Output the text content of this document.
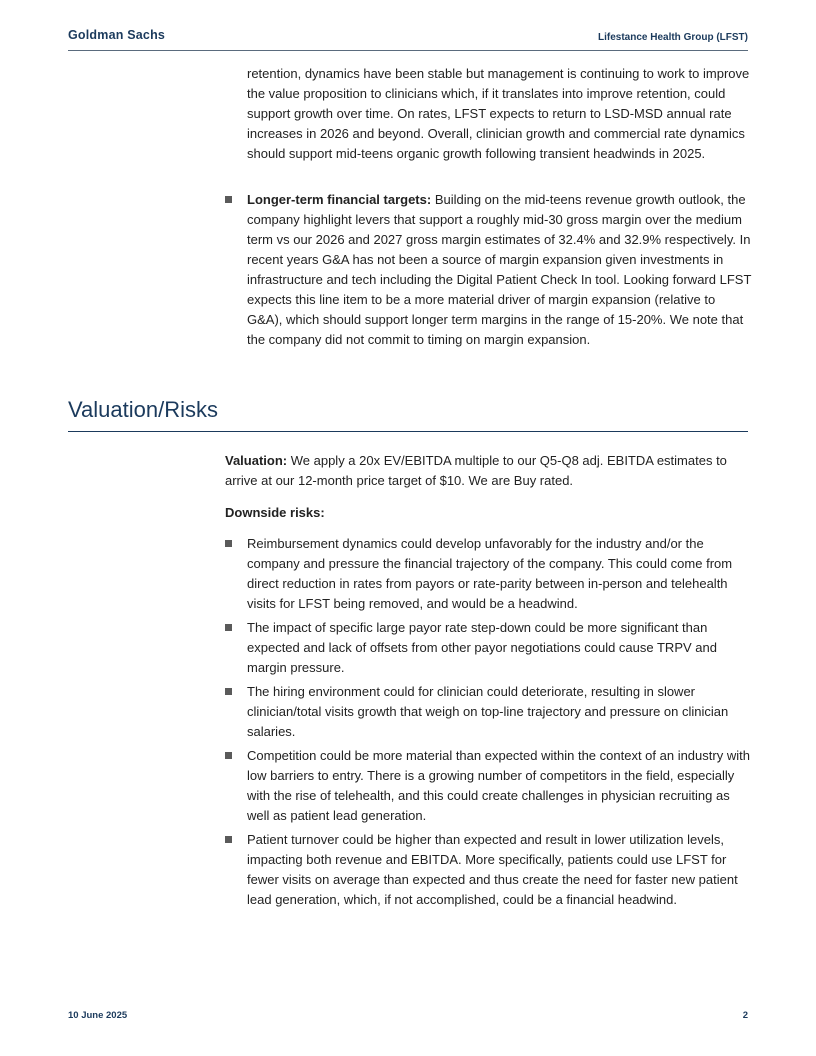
Goldman Sachs	Lifestance Health Group (LFST)

retention, dynamics have been stable but management is continuing to work to improve the value proposition to clinicians which, if it translates into improve retention, could support growth over time. On rates, LFST expects to return to LSD-MSD annual rate increases in 2026 and beyond. Overall, clinician growth and commercial rate dynamics should support mid-teens organic growth following transient headwinds in 2025.

Longer-term financial targets: Building on the mid-teens revenue growth outlook, the company highlight levers that support a roughly mid-30 gross margin over the medium term vs our 2026 and 2027 gross margin estimates of 32.4% and 32.9% respectively. In recent years G&A has not been a source of margin expansion given investments in infrastructure and tech including the Digital Patient Check In tool. Looking forward LFST expects this line item to be a more material driver of margin expansion (relative to G&A), which should support longer term margins in the range of 15-20%. We note that the company did not commit to timing on margin expansion.
Valuation/Risks

Valuation: We apply a 20x EV/EBITDA multiple to our Q5-Q8 adj. EBITDA estimates to arrive at our 12-month price target of $10. We are Buy rated.

Downside risks:

Reimbursement dynamics could develop unfavorably for the industry and/or the company and pressure the financial trajectory of the company. This could come from direct reduction in rates from payors or rate-parity between in-person and telehealth visits for LFST being removed, and would be a headwind.
The impact of specific large payor rate step-down could be more significant than expected and lack of offsets from other payor negotiations could cause TRPV and margin pressure.
The hiring environment could for clinician could deteriorate, resulting in slower clinician/total visits growth that weigh on top-line trajectory and pressure on clinician salaries.
Competition could be more material than expected within the context of an industry with low barriers to entry. There is a growing number of competitors in the field, especially with the rise of telehealth, and this could create challenges in physician recruiting as well as patient lead generation.
Patient turnover could be higher than expected and result in lower utilization levels, impacting both revenue and EBITDA. More specifically, patients could use LFST for fewer visits on average than expected and thus create the need for faster new patient lead generation, which, if not accomplished, could be a financial headwind.
10 June 2025	2
